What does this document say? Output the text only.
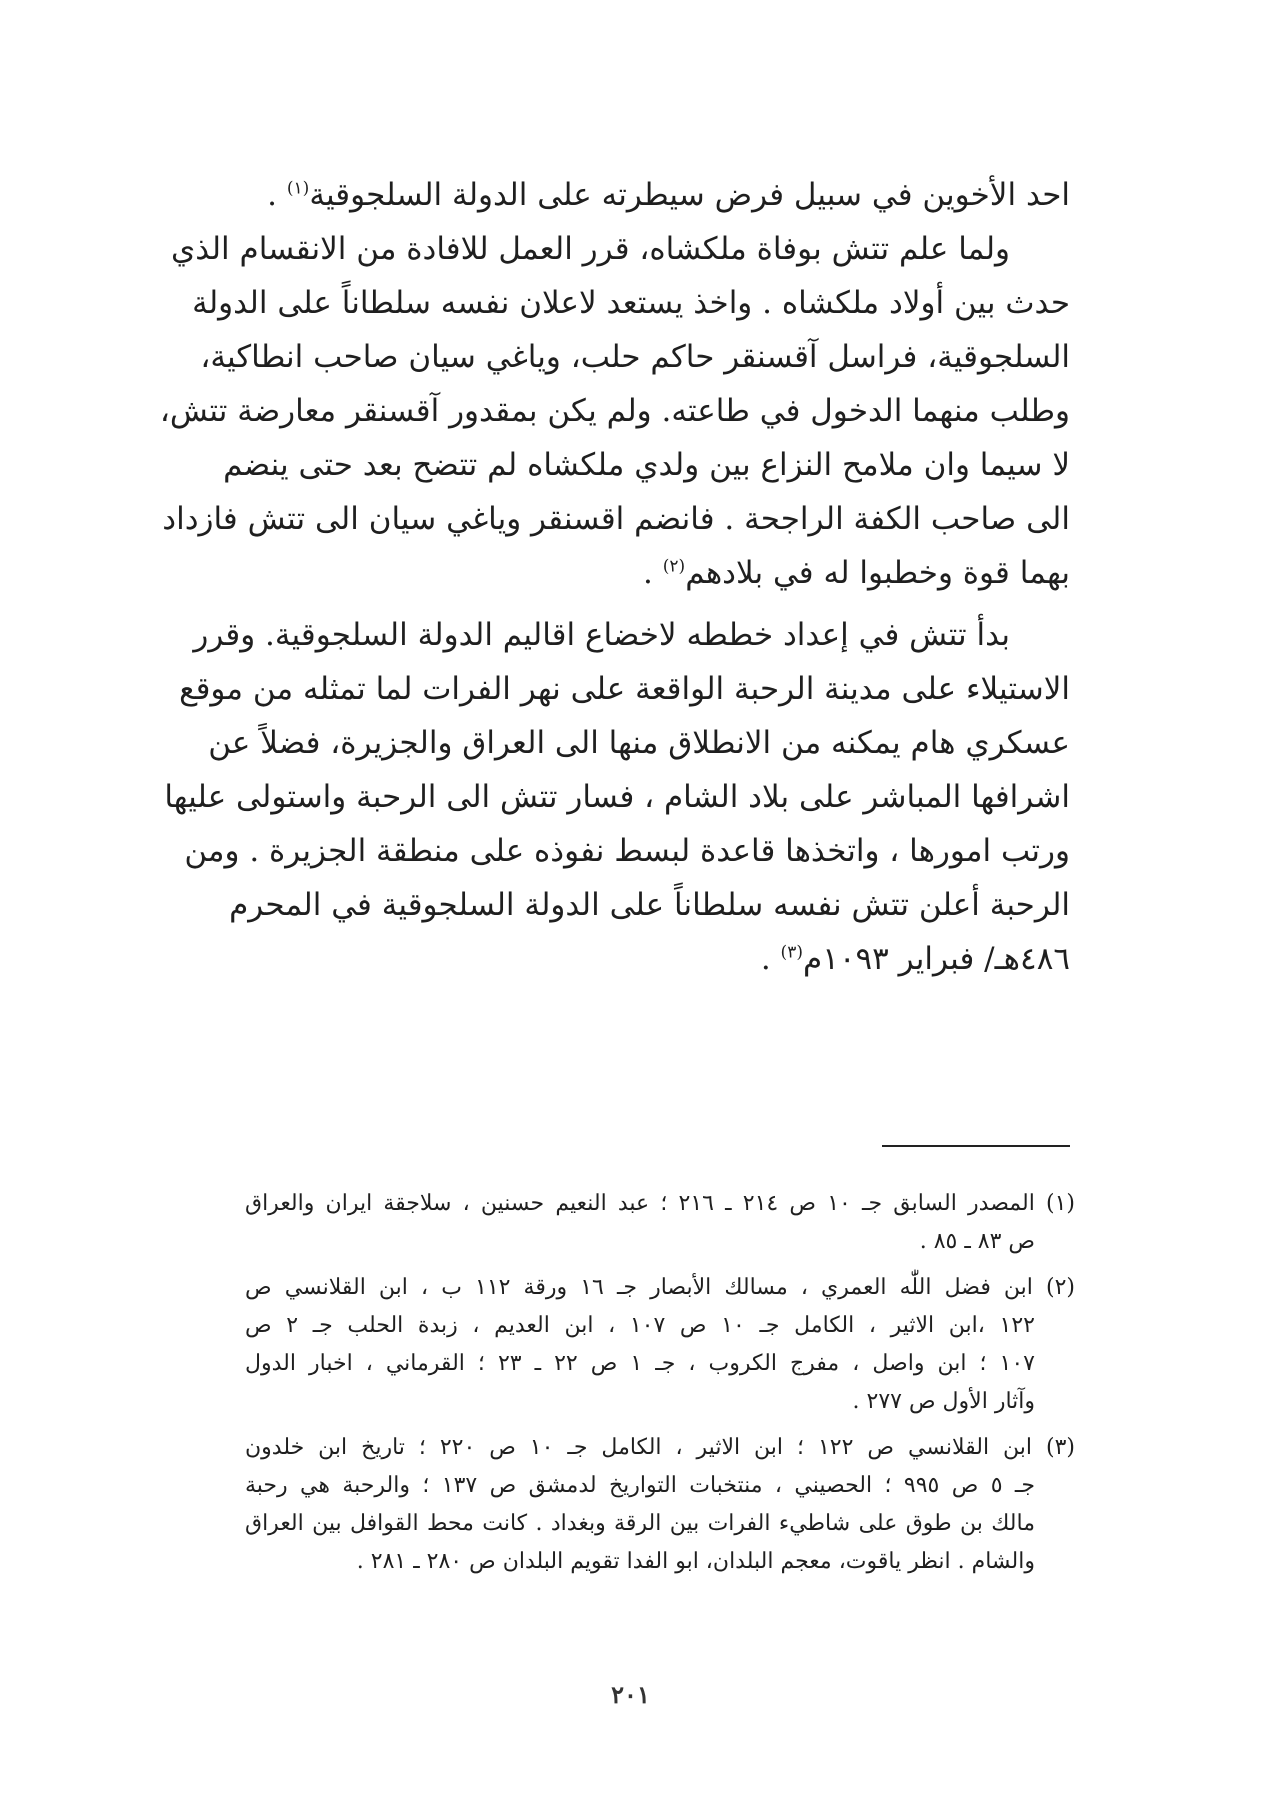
احد الأخوين في سبيل فرض سيطرته على الدولة السلجوقية$^{(١)}$ .
ولما علم تتش بوفاة ملكشاه، قرر العمل للافادة من الانقسام الذي
حدث بين أولاد ملكشاه . واخذ يستعد لاعلان نفسه سلطاناً على الدولة
السلجوقية، فراسل آقسنقر حاكم حلب، وياغي سيان صاحب انطاكية،
وطلب منهما الدخول في طاعته. ولم يكن بمقدور آقسنقر معارضة تتش،
لا سيما وان ملامح النزاع بين ولدي ملكشاه لم تتضح بعد حتى ينضم
الى صاحب الكفة الراجحة . فانضم اقسنقر وياغي سيان الى تتش فازداد
بهما قوة وخطبوا له في بلادهم$^{(٢)}$ .
بدأ تتش في إعداد خططه لاخضاع اقاليم الدولة السلجوقية. وقرر
الاستيلاء على مدينة الرحبة الواقعة على نهر الفرات لما تمثله من موقع
عسكري هام يمكنه من الانطلاق منها الى العراق والجزيرة، فضلاً عن
اشرافها المباشر على بلاد الشام ، فسار تتش الى الرحبة واستولى عليها
ورتب امورها ، واتخذها قاعدة لبسط نفوذه على منطقة الجزيرة . ومن
الرحبة أعلن تتش نفسه سلطاناً على الدولة السلجوقية في المحرم
٤٨٦هـ/ فبراير ١٠٩٣م$^{(٣)}$ .
(١) المصدر السابق جـ ١٠ ص ٢١٤ ـ ٢١٦ ؛ عبد النعيم حسنين ، سلاجقة ايران والعراق
ص ٨٣ ـ ٨٥ .
(٢) ابن فضل اللّٰه العمري ، مسالك الأبصار جـ ١٦ ورقة ١١٢ ب ، ابن القلانسي ص
١٢٢ ،ابن الاثير ، الكامل جـ ١٠ ص ١٠٧ ، ابن العديم ، زبدة الحلب جـ ٢ ص
١٠٧ ؛ ابن واصل ، مفرج الكروب ، جـ ١ ص ٢٢ ـ ٢٣ ؛ القرماني ، اخبار الدول
وآثار الأول ص ٢٧٧ .
(٣) ابن القلانسي ص ١٢٢ ؛ ابن الاثير ، الكامل جـ ١٠ ص ٢٢٠ ؛ تاريخ ابن خلدون
جـ ٥ ص ٩٩٥ ؛ الحصيني ، منتخبات التواريخ لدمشق ص ١٣٧ ؛ والرحبة هي رحبة
مالك بن طوق على شاطيء الفرات بين الرقة وبغداد . كانت محط القوافل بين العراق
والشام . انظر ياقوت، معجم البلدان، ابو الفدا تقويم البلدان ص ٢٨٠ ـ ٢٨١ .
٢٠١
